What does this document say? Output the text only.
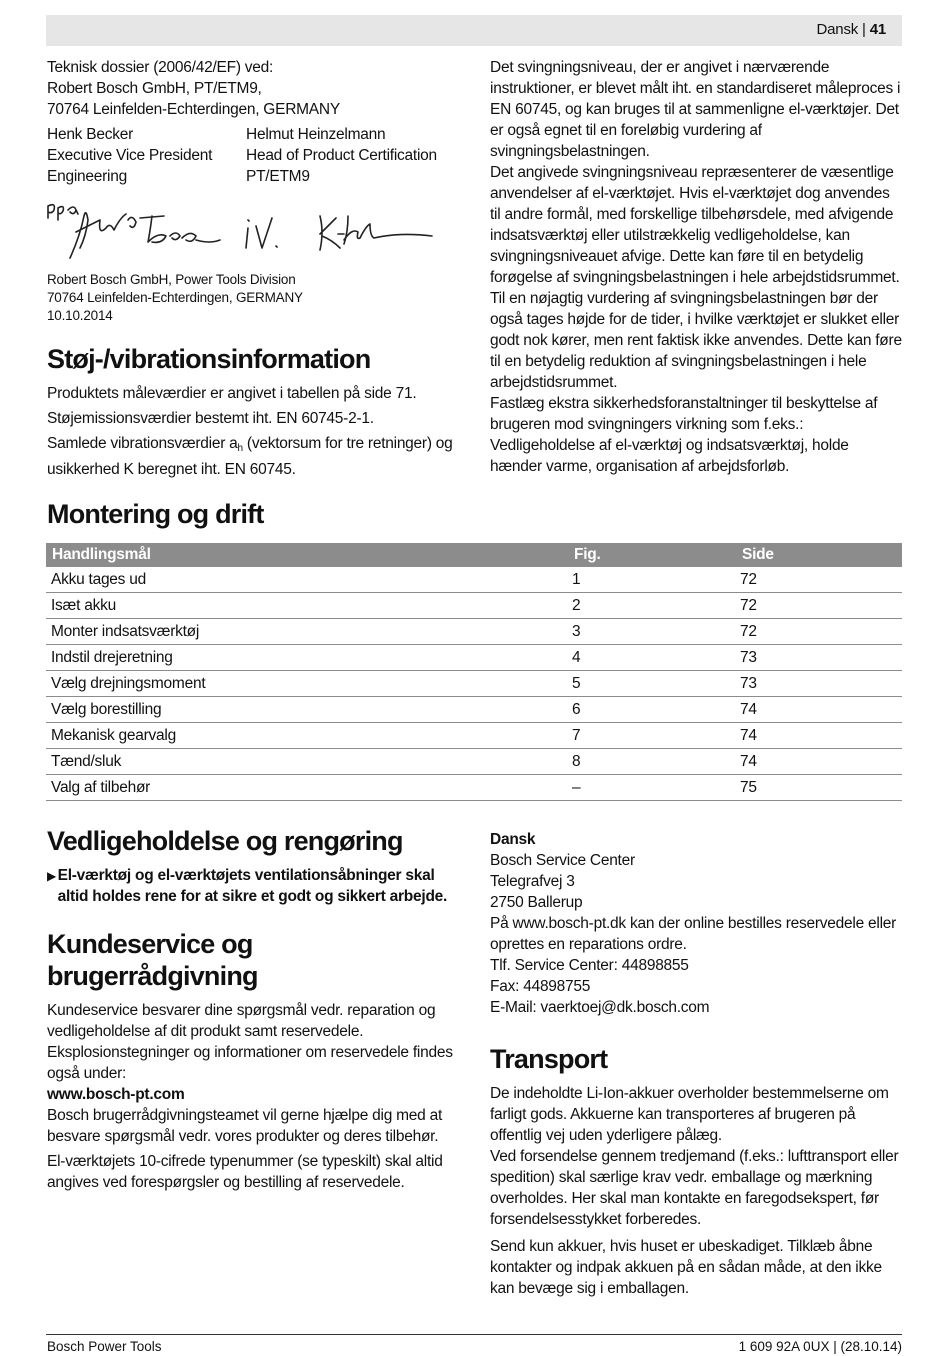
Dansk | 41

Teknisk dossier (2006/42/EF) ved:

Robert Bosch GmbH, PT/ETM9,

70764 Leinfelden-Echterdingen, GERMANY

Henk Becker

Executive Vice President

Engineering

Helmut Heinzelmann

Head of Product Certification

PT/ETM9

Robert Bosch GmbH, Power Tools Division

70764 Leinfelden-Echterdingen, GERMANY

10.10.2014

Støj-/vibrationsinformation

Produktets måleværdier er angivet i tabellen på side 71.

Støjemissionsværdier bestemt iht. EN 60745-2-1.

Samlede vibrationsværdier $a_h$ (vektorsum for tre retninger) og usikkerhed K beregnet iht. EN 60745.

Det svingningsniveau, der er angivet i nærværende instruktioner, er blevet målt iht. en standardiseret måleproces i EN 60745, og kan bruges til at sammenligne el-værktøjer. Det er også egnet til en foreløbig vurdering af svingningsbelastningen.

Det angivede svingningsniveau repræsenterer de væsentlige anvendelser af el-værktøjet. Hvis el-værktøjet dog anvendes til andre formål, med forskellige tilbehørsdele, med afvigende indsatsværktøj eller utilstrækkelig vedligeholdelse, kan svingningsniveauet afvige. Dette kan føre til en betydelig forøgelse af svingningsbelastningen i hele arbejdstidsrummet.

Til en nøjagtig vurdering af svingningsbelastningen bør der også tages højde for de tider, i hvilke værktøjet er slukket eller godt nok kører, men rent faktisk ikke anvendes. Dette kan føre til en betydelig reduktion af svingningsbelastningen i hele arbejdstidsrummet.

Fastlæg ekstra sikkerhedsforanstaltninger til beskyttelse af brugeren mod svingningers virkning som f.eks.: Vedligeholdelse af el-værktøj og indsatsværktøj, holde hænder varme, organisation af arbejdsforløb.

Montering og drift

Handlingsmål	Fig.	Side
Akku tages ud	1	72
Isæt akku	2	72
Monter indsatsværktøj	3	72
Indstil drejeretning	4	73
Vælg drejningsmoment	5	73
Vælg borestilling	6	74
Mekanisk gearvalg	7	74
Tænd/sluk	8	74
Valg af tilbehør	–	75

Vedligeholdelse og rengøring

▶ El-værktøj og el-værktøjets ventilationsåbninger skal altid holdes rene for at sikre et godt og sikkert arbejde.

Kundeservice og brugerrådgivning

Kundeservice besvarer dine spørgsmål vedr. reparation og vedligeholdelse af dit produkt samt reservedele. Eksplosionstegninger og informationer om reservedele findes også under:

www.bosch-pt.com

Bosch brugerrådgivningsteamet vil gerne hjælpe dig med at besvare spørgsmål vedr. vores produkter og deres tilbehør.

El-værktøjets 10-cifrede typenummer (se typeskilt) skal altid angives ved forespørgsler og bestilling af reservedele.

Dansk

Bosch Service Center

Telegrafvej 3

2750 Ballerup

På www.bosch-pt.dk kan der online bestilles reservedele eller oprettes en reparations ordre.

Tlf. Service Center: 44898855

Fax: 44898755

E-Mail: vaerktoej@dk.bosch.com

Transport

De indeholdte Li-Ion-akkuer overholder bestemmelserne om farligt gods. Akkuerne kan transporteres af brugeren på offentlig vej uden yderligere pålæg.

Ved forsendelse gennem tredjemand (f.eks.: lufttransport eller spedition) skal særlige krav vedr. emballage og mærkning overholdes. Her skal man kontakte en faregodsekspert, før forsendelsesstykket forberedes.

Send kun akkuer, hvis huset er ubeskadiget. Tilklæb åbne kontakter og indpak akkuen på en sådan måde, at den ikke kan bevæge sig i emballagen.

Bosch Power Tools	1 609 92A 0UX | (28.10.14)
